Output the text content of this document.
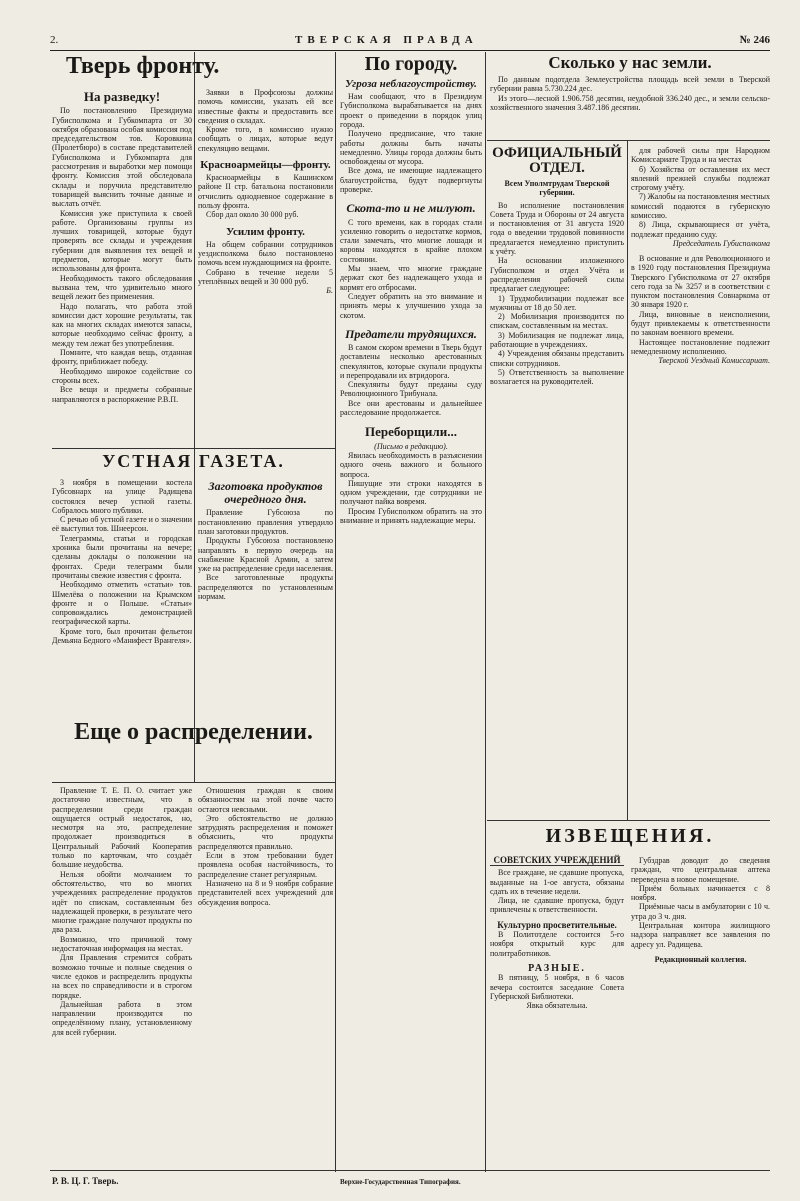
2.	ТВЕРСКАЯ ПРАВДА	№ 246
Тверь фронту.
На разведку!

По постановлению Президиума Губисполкома и Губкомпарта от 30 октября образована особая комиссия под председательством тов. Коровкина (Пролетбюро) в составе представителей Губисполкома и Губкомпарта для рассмотрения и выработки мер помощи фронту. Комиссия этой обследовала склады и поручила представителю товарищей выяснить точные данные и выслать отчёт.

Комиссия уже приступила к своей работе. Организованы группы из лучших товарищей, которые будут проверять все склады и учреждения губернии для выявления тех вещей и предметов, которые могут быть использованы для фронта.

Необходимость такого обследования вызвана тем, что удивительно много вещей лежит без применения.

Надо полагать, что работа этой комиссии даст хорошие результаты, так как на многих складах имеются запасы, которые необходимо сейчас фронту, а между тем лежат без употребления.

Помните, что каждая вещь, отданная фронту, приближает победу.

Необходимо широкое содействие со стороны всех.

Все вещи и предметы собранные направляются в распоряжение Р.В.П.

УСТНАЯ ГАЗЕТА.

3 ноября в помещении костела Губсовнарх на улице Радищева состоялся вечер устной газеты. Собралось много публики.

С речью об устной газете и о значении её выступил тов. Шнеерсон.

Телеграммы, статьи и городская хроника были прочитаны на вечере; сделаны доклады о положении на фронтах. Среди телеграмм были прочитаны свежие известия с фронта.

Необходимо отметить «статьи» тов. Шмелёва о положении на Крымском фронте и о Польше. «Статьи» сопровождались демонстрацией географической карты.

Кроме того, был прочитан фельетон Демьяна Бедного «Манифест Врангеля».

Еще о распределении.

Правление Т. Е. П. О. считает уже достаточно известным, что в распределении среди граждан ощущается острый недостаток, но, несмотря на это, распределение продолжает производиться в Центральный Рабочий Кооператив только по карточкам, что создаёт большие неудобства.

Нельзя обойти молчанием то обстоятельство, что во многих учреждениях распределение продуктов идёт по спискам, составленным без надлежащей проверки, в результате чего многие граждане получают продукты по два раза.

Возможно, что причиной тому недостаточная информация на местах.

Для Правления стремится собрать возможно точные и полные сведения о числе едоков и распределить продукты на всех по справедливости и в строгом порядке.

Дальнейшая работа в этом направлении производится по определённому плану, установленному для всей губернии.

Заявки в Профсоюзы должны помочь комиссии, указать ей все известные факты и предоставить все сведения о складах.

Кроме того, в комиссию нужно сообщать о лицах, которые ведут спекуляцию вещами.

Красноармейцы—фронту.

Красноармейцы в Кашинском районе II стр. батальона постановили отчислить однодневное содержание в пользу фронта.

Сбор дал около 30 000 руб.

Усилим фронту.

На общем собрании сотрудников уездисполкома было постановлено помочь всем нуждающимся на фронте.

Собрано в течение недели 5 утеплённых вещей и 30 000 руб.

Б.
Заготовка продуктов очередного дня.

Правление Губсоюза по постановлению правления утвердило план заготовки продуктов.

Продукты Губсоюза постановлено направлять в первую очередь на снабжение Красной Армии, а затем уже на распределение среди населения.

Все заготовленные продукты распределяются по установленным нормам.

Отношения граждан к своим обязанностям на этой почве часто остаются неясными.

Это обстоятельство не должно затруднять распределения и поможет объяснить, что продукты распределяются правильно.

Если в этом требовании будет проявлена особая настойчивость, то распределение станет регулярным.

Назначено на 8 и 9 ноября собрание представителей всех учреждений для обсуждения вопроса.

По городу.
Угроза неблагоустройству.

Нам сообщают, что в Президиум Губисполкома вырабатывается на днях проект о приведении в порядок улиц города.

Получено предписание, что такие работы должны быть начаты немедленно. Улицы города должны быть освобождены от мусора.

Все дома, не имеющие надлежащего благоустройства, будут подвергнуты проверке.

Скота-то и не милуют.

С того времени, как в городах стали усиленно говорить о недостатке кормов, стали замечать, что многие лошади и коровы находятся в крайне плохом состоянии.

Мы знаем, что многие граждане держат скот без надлежащего ухода и кормят его отбросами.

Следует обратить на это внимание и принять меры к улучшению ухода за скотом.

Предатели трудящихся.

В самом скором времени в Тверь будут доставлены несколько арестованных спекулянтов, которые скупали продукты и перепродавали их втридорога.

Спекулянты будут преданы суду Революционного Трибунала.

Все они арестованы и дальнейшее расследование продолжается.

Переборщили...
(Письмо в редакцию).

Явилась необходимость в разъяснении одного очень важного и больного вопроса.

Пишущие эти строки находятся в одном учреждении, где сотрудники не получают пайка вовремя.

Просим Губисполком обратить на это внимание и принять надлежащие меры.

Сколько у нас земли.

По данным подотдела Землеустройства площадь всей земли в Тверской губернии равна 5.730.224 дес.

Из этого—лесной 1.906.758 десятин, неудобной 336.240 дес., и земли сельско-хозяйственного значения 3.487.186 десятин.

ОФИЦИАЛЬНЫЙ ОТДЕЛ.
Всем Уполмтрудам Тверской губернии.

Во исполнение постановления Совета Труда и Обороны от 24 августа и постановления от 31 августа 1920 года о введении трудовой повинности предлагается немедленно приступить к учёту.

На основании изложенного Губисполком и отдел Учёта и распределения рабочей силы предлагает следующее:

1) Трудмобилизации подлежат все мужчины от 18 до 50 лет.

2) Мобилизация производится по спискам, составленным на местах.

3) Мобилизация не подлежат лица, работающие в учреждениях.

4) Учреждения обязаны представить списки сотрудников.

5) Ответственность за выполнение возлагается на руководителей.

для рабочей силы при Народном Комиссариате Труда и на местах

б) Хозяйства от оставления их мест явлений прежней службы подлежат строгому учёту.

7) Жалобы на постановления местных комиссий подаются в губернскую комиссию.

8) Лица, скрывающиеся от учёта, подлежат преданию суду.

Председатель Губисполкома

В основание и для Революционного и в 1920 году постановления Президиума Тверского Губисполкома от 27 октября сего года за № 3257 и в соответствии с пунктом постановления Совнаркома от 30 января 1920 г.

Лица, виновные в неисполнении, будут привлекаемы к ответственности по законам военного времени.

Настоящее постановление подлежит немедленному исполнению.

Тверской Уездный Комиссариат.
ИЗВЕЩЕНИЯ.
СОВЕТСКИХ УЧРЕЖДЕНИЙ

Все граждане, не сдавшие пропуска, выданные на 1-ое августа, обязаны сдать их в течение недели.

Лица, не сдавшие пропуска, будут привлечены к ответственности.

Культурно просветительные.

В Политотделе состоится 5-го ноября открытый курс для политработников.

РАЗНЫЕ.

В пятницу, 5 ноября, в 6 часов вечера состоится заседание Совета Губернской Библиотеки.

Явка обязательна.

Губздрав доводит до сведения граждан, что центральная аптека переведена в новое помещение.

Приём больных начинается с 8 ноября.

Приёмные часы в амбулатории с 10 ч. утра до 3 ч. дня.

Центральная контора жилищного надзора направляет все заявления по адресу ул. Радищева.

Редакционный коллегия.
Р. В. Ц. Г. Тверь.	Верхне-Государственная Типография.
